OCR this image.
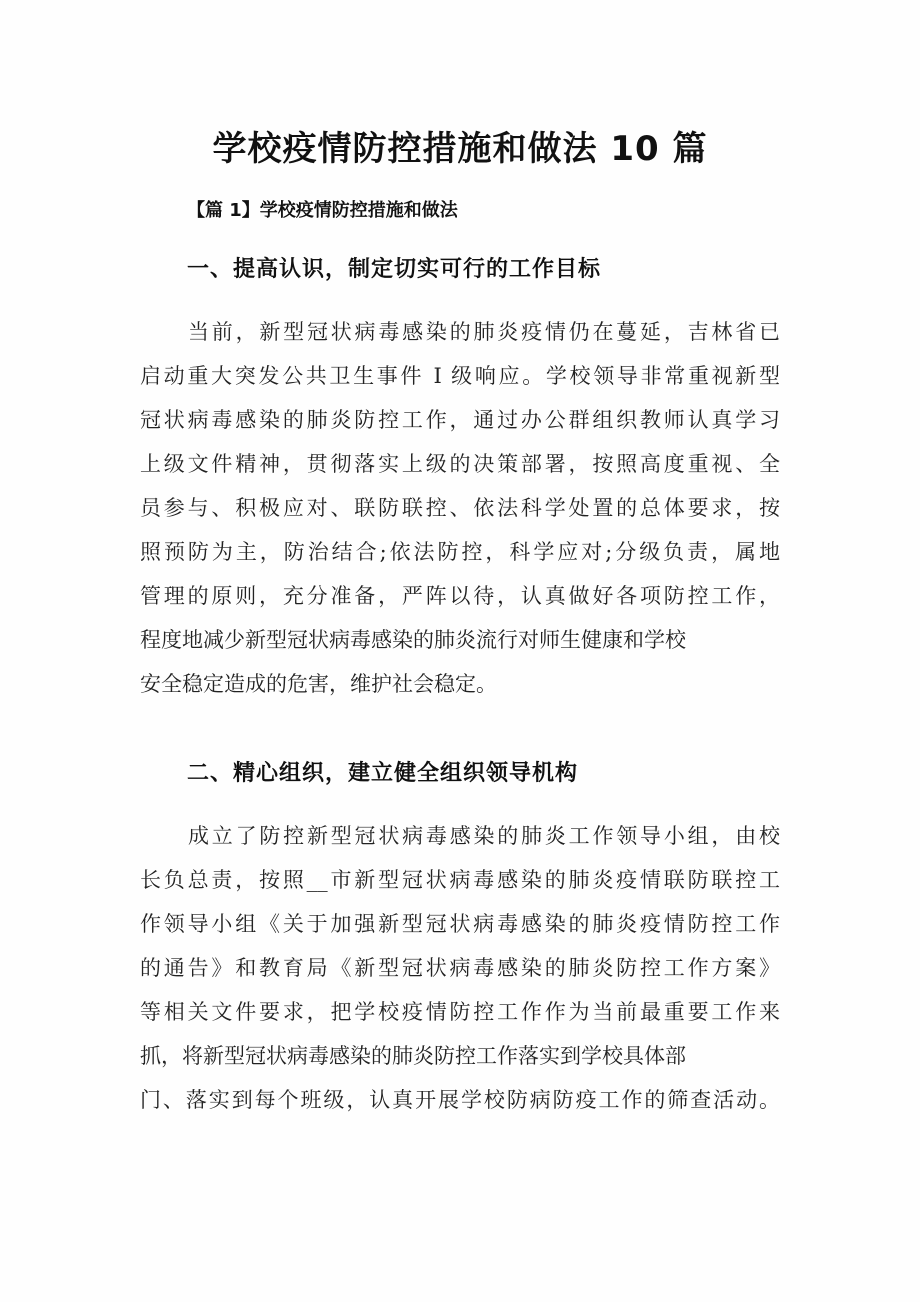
学校疫情防控措施和做法 10 篇
【篇 1】学校疫情防控措施和做法
一、提高认识，制定切实可行的工作目标
当前，新型冠状病毒感染的肺炎疫情仍在蔓延，吉林省已
启动重大突发公共卫生事件 I 级响应。学校领导非常重视新型
冠状病毒感染的肺炎防控工作，通过办公群组织教师认真学习
上级文件精神，贯彻落实上级的决策部署，按照高度重视、全
员参与、积极应对、联防联控、依法科学处置的总体要求，按
照预防为主，防治结合;依法防控，科学应对;分级负责，属地
管理的原则，充分准备，严阵以待，认真做好各项防控工作，
程度地减少新型冠状病毒感染的肺炎流行对师生健康和学校
安全稳定造成的危害，维护社会稳定。
二、精心组织，建立健全组织领导机构
成立了防控新型冠状病毒感染的肺炎工作领导小组，由校
长负总责，按照__市新型冠状病毒感染的肺炎疫情联防联控工
作领导小组《关于加强新型冠状病毒感染的肺炎疫情防控工作
的通告》和教育局《新型冠状病毒感染的肺炎防控工作方案》
等相关文件要求，把学校疫情防控工作作为当前最重要工作来
抓，将新型冠状病毒感染的肺炎防控工作落实到学校具体部
门、落实到每个班级，认真开展学校防病防疫工作的筛查活动。
